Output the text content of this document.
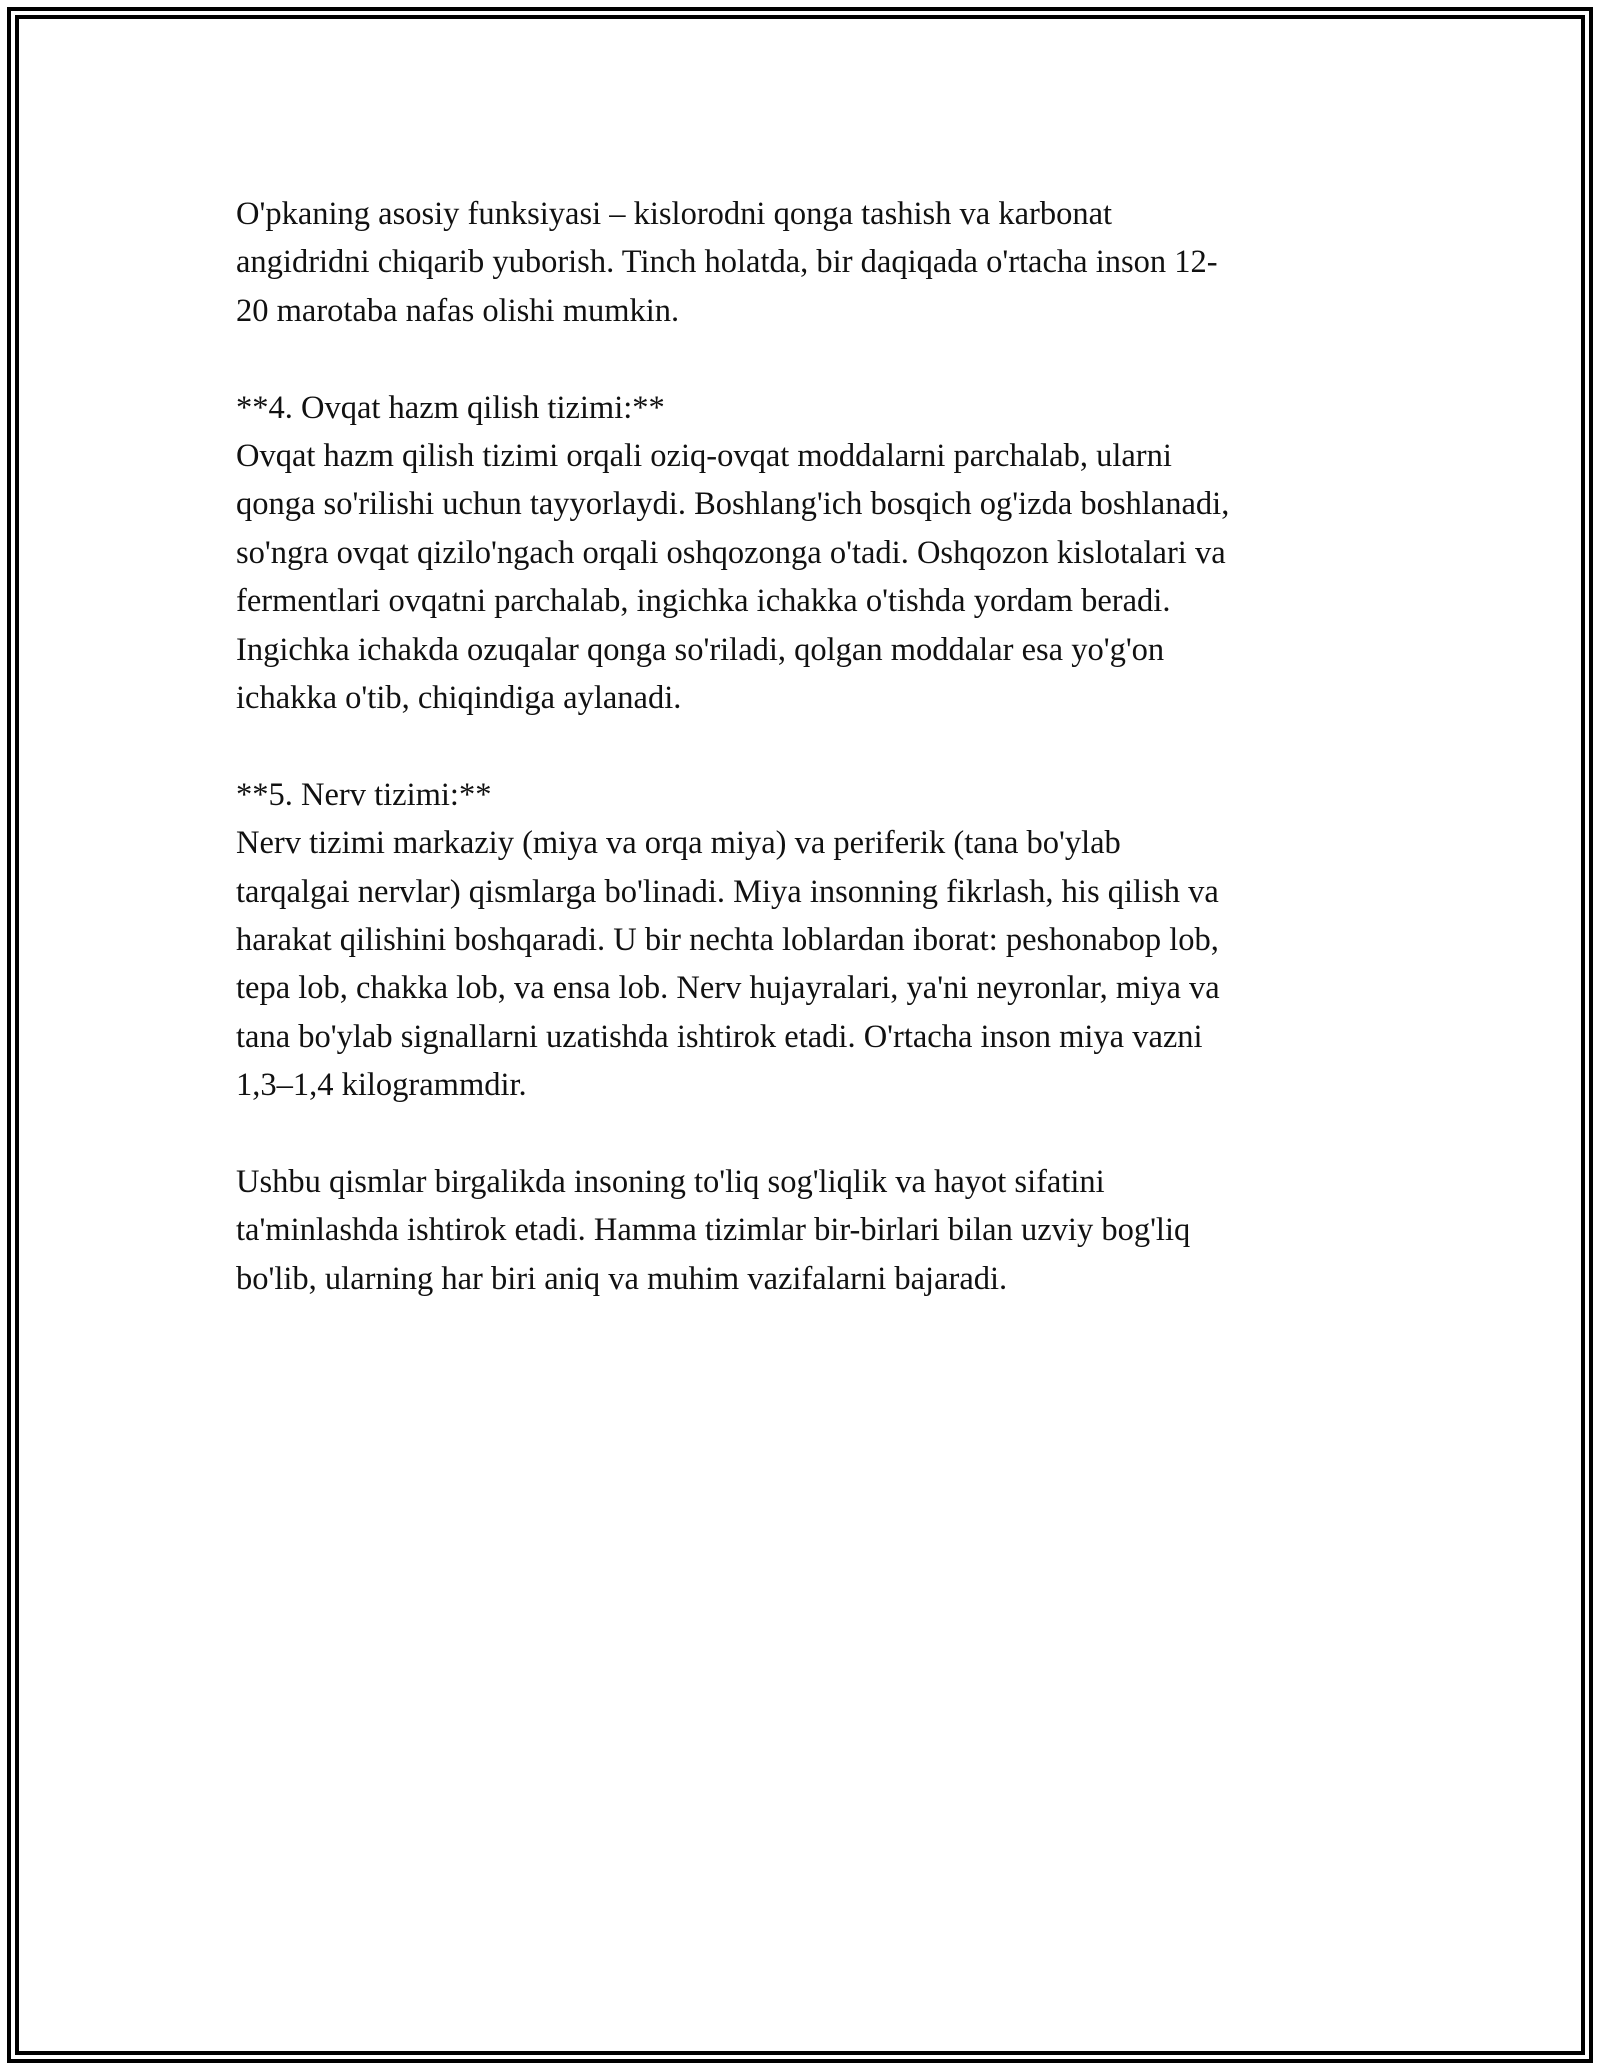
O'pkaning asosiy funksiyasi – kislorodni qonga tashish va karbonat
angidridni chiqarib yuborish. Tinch holatda, bir daqiqada o'rtacha inson 12-
20 marotaba nafas olishi mumkin.
**4. Ovqat hazm qilish tizimi:**
Ovqat hazm qilish tizimi orqali oziq-ovqat moddalarni parchalab, ularni
qonga so'rilishi uchun tayyorlaydi. Boshlang'ich bosqich og'izda boshlanadi,
so'ngra ovqat qizilo'ngach orqali oshqozonga o'tadi. Oshqozon kislotalari va
fermentlari ovqatni parchalab, ingichka ichakka o'tishda yordam beradi.
Ingichka ichakda ozuqalar qonga so'riladi, qolgan moddalar esa yo'g'on
ichakka o'tib, chiqindiga aylanadi.
**5. Nerv tizimi:**
Nerv tizimi markaziy (miya va orqa miya) va periferik (tana bo'ylab
tarqalgai nervlar) qismlarga bo'linadi. Miya insonning fikrlash, his qilish va
harakat qilishini boshqaradi. U bir nechta loblardan iborat: peshonabop lob,
tepa lob, chakka lob, va ensa lob. Nerv hujayralari, ya'ni neyronlar, miya va
tana bo'ylab signallarni uzatishda ishtirok etadi. O'rtacha inson miya vazni
1,3–1,4 kilogrammdir.
Ushbu qismlar birgalikda insoning to'liq sog'liqlik va hayot sifatini
ta'minlashda ishtirok etadi. Hamma tizimlar bir-birlari bilan uzviy bog'liq
bo'lib, ularning har biri aniq va muhim vazifalarni bajaradi.
